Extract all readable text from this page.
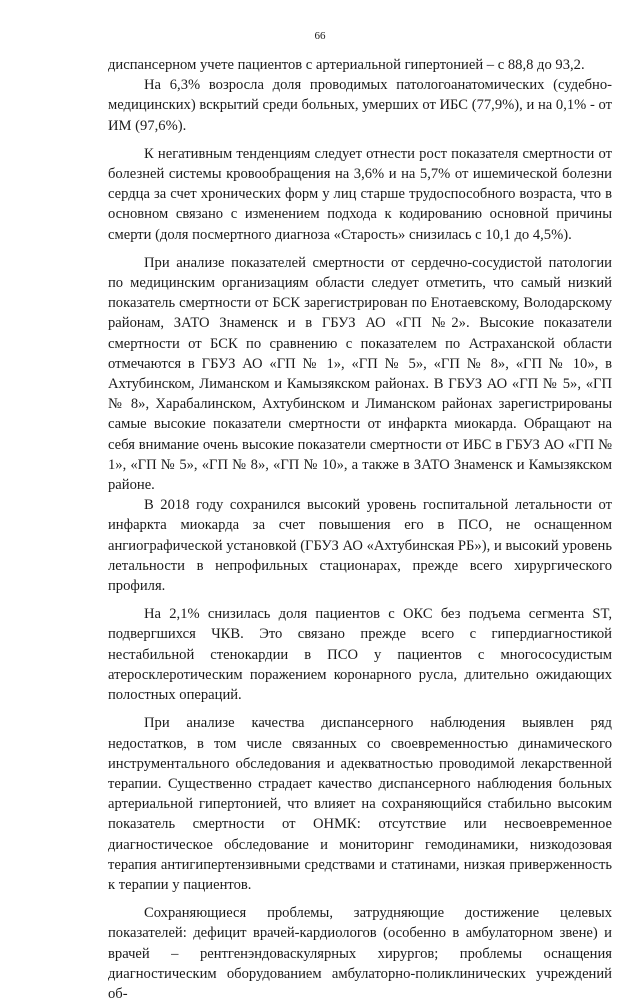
66

диспансерном учете пациентов с артериальной гипертонией – с 88,8 до 93,2.

На 6,3% возросла доля проводимых патологоанатомических (судебно-медицинских) вскрытий среди больных, умерших от ИБС (77,9%), и на 0,1% - от ИМ (97,6%).

К негативным тенденциям следует отнести рост показателя смертности от болезней системы кровообращения на 3,6% и на 5,7% от ишемической болезни сердца за счет хронических форм у лиц старше трудоспособного возраста, что в основном связано с изменением подхода к кодированию основной причины смерти (доля посмертного диагноза «Старость» снизилась с 10,1 до 4,5%).

При анализе показателей смертности от сердечно-сосудистой патологии по медицинским организациям области следует отметить, что самый низкий показатель смертности от БСК зарегистрирован по Енотаевскому, Володарскому районам, ЗАТО Знаменск и в ГБУЗ АО «ГП №2». Высокие показатели смертности от БСК по сравнению с показателем по Астраханской области отмечаются в ГБУЗ АО «ГП № 1», «ГП № 5», «ГП № 8», «ГП № 10», в Ахтубинском, Лиманском и Камызякском районах. В ГБУЗ АО «ГП № 5», «ГП № 8», Харабалинском, Ахтубинском и Лиманском районах зарегистрированы самые высокие показатели смертности от инфаркта миокарда. Обращают на себя внимание очень высокие показатели смертности от ИБС в ГБУЗ АО «ГП № 1», «ГП № 5», «ГП № 8», «ГП № 10», а также в ЗАТО Знаменск и Камызякском районе.

В 2018 году сохранился высокий уровень госпитальной летальности от инфаркта миокарда за счет повышения его в ПСО, не оснащенном ангиографической установкой (ГБУЗ АО «Ахтубинская РБ»), и высокий уровень летальности в непрофильных стационарах, прежде всего хирургического профиля.

На 2,1% снизилась доля пациентов с ОКС без подъема сегмента ST, подвергшихся ЧКВ. Это связано прежде всего с гипердиагностикой нестабильной стенокардии в ПСО у пациентов с многососудистым атеросклеротическим поражением коронарного русла, длительно ожидающих полостных операций.

При анализе качества диспансерного наблюдения выявлен ряд недостатков, в том числе связанных со своевременностью динамического инструментального обследования и адекватностью проводимой лекарственной терапии. Существенно страдает качество диспансерного наблюдения больных артериальной гипертонией, что влияет на сохраняющийся стабильно высоким показатель смертности от ОНМК: отсутствие или несвоевременное диагностическое обследование и мониторинг гемодинамики, низкодозовая терапия антигипертензивными средствами и статинами, низкая приверженность к терапии у пациентов.

Сохраняющиеся проблемы, затрудняющие достижение целевых показателей: дефицит врачей-кардиологов (особенно в амбулаторном звене) и врачей – рентгенэндоваскулярных хирургов; проблемы оснащения диагностическим оборудованием амбулаторно-поликлинических учреждений об-
